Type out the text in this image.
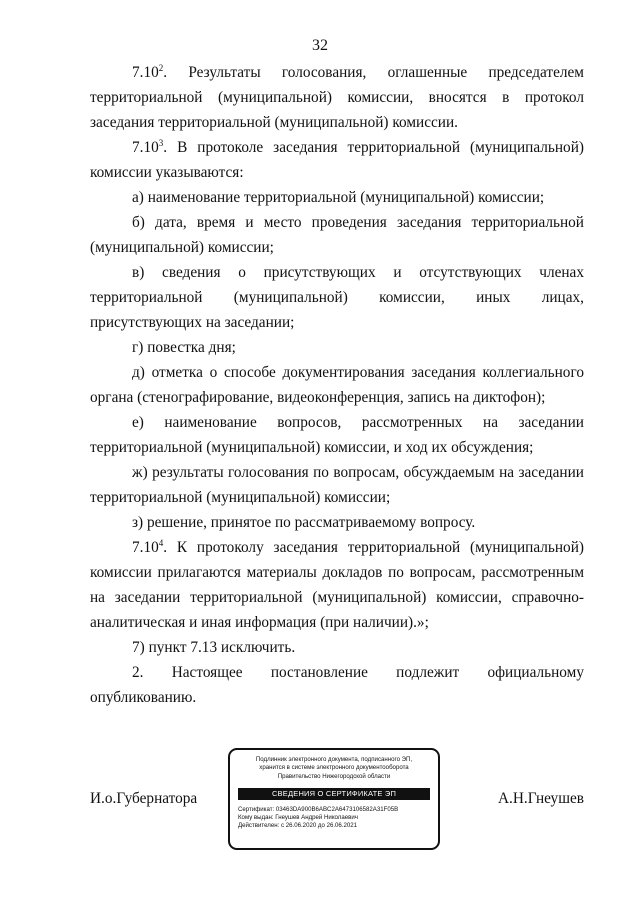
32

7.10$^2$. Результаты голосования, оглашенные председателем территориальной (муниципальной) комиссии, вносятся в протокол заседания территориальной (муниципальной) комиссии.

7.10$^3$. В протоколе заседания территориальной (муниципальной) комиссии указываются:

а) наименование территориальной (муниципальной) комиссии;

б) дата, время и место проведения заседания территориальной (муниципальной) комиссии;

в) сведения о присутствующих и отсутствующих членах территориальной (муниципальной) комиссии, иных лицах, присутствующих на заседании;

г) повестка дня;

д) отметка о способе документирования заседания коллегиального органа (стенографирование, видеоконференция, запись на диктофон);

е) наименование вопросов, рассмотренных на заседании территориальной (муниципальной) комиссии, и ход их обсуждения;

ж) результаты голосования по вопросам, обсуждаемым на заседании территориальной (муниципальной) комиссии;

з) решение, принятое по рассматриваемому вопросу.

7.10$^4$. К протоколу заседания территориальной (муниципальной) комиссии прилагаются материалы докладов по вопросам, рассмотренным на заседании территориальной (муниципальной) комиссии, справочно-аналитическая и иная информация (при наличии).»;

7) пункт 7.13 исключить.

2. Настоящее постановление подлежит официальному опубликованию.

И.о.Губернатора	А.Н.Гнеушев
Подлинник электронного документа, подписанного ЭП,
хранится в системе электронного документооборота
Правительство Нижегородской области
СВЕДЕНИЯ О СЕРТИФИКАТЕ ЭП
Сертификат: 03463DA900B6ABC2A6473106582A31F05B
Кому выдан: Гнеушев Андрей Николаевич
Действителен: с 26.06.2020 до 26.06.2021
